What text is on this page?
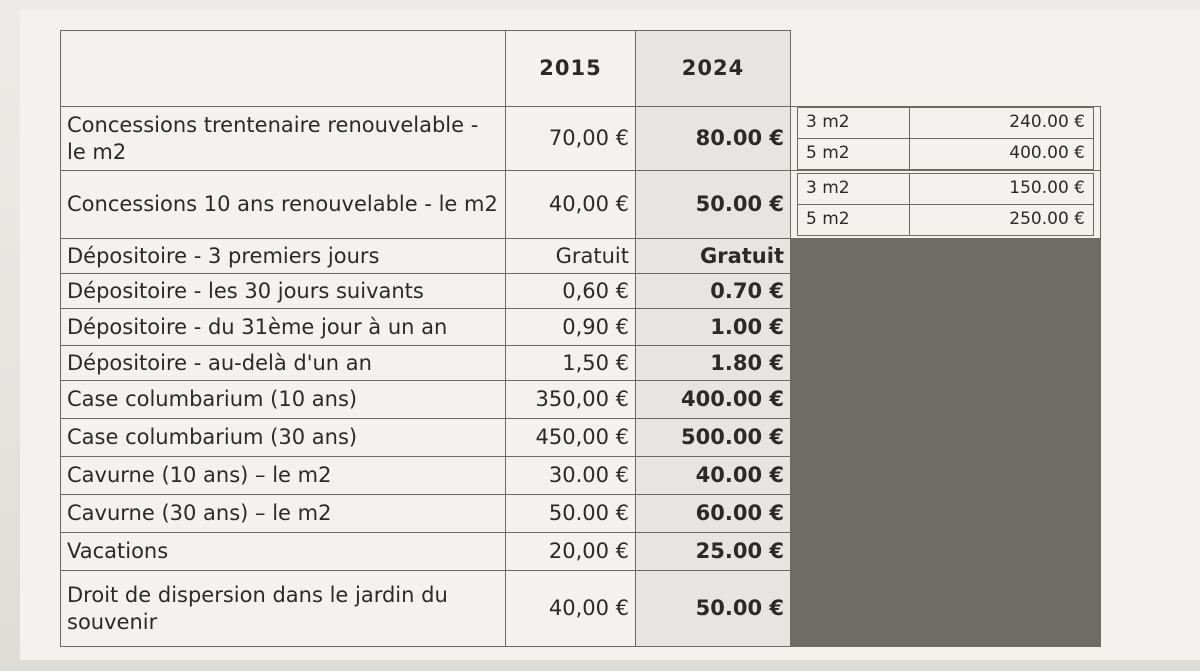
	2015	2024	
Concessions trentenaire renouvelable - le m2	70,00 €	80.00 €	
3 m2	240.00 €
5 m2	400.00 €

Concessions 10 ans renouvelable - le m2	40,00 €	50.00 €	
3 m2	150.00 €
5 m2	250.00 €

Dépositoire - 3 premiers jours	Gratuit	Gratuit	
Dépositoire - les 30 jours suivants	0,60 €	0.70 €	
Dépositoire - du 31ème jour à un an	0,90 €	1.00 €	
Dépositoire - au-delà d'un an	1,50 €	1.80 €	
Case columbarium (10 ans)	350,00 €	400.00 €	
Case columbarium (30 ans)	450,00 €	500.00 €	
Cavurne (10 ans) – le m2	30.00 €	40.00 €	
Cavurne (30 ans) – le m2	50.00 €	60.00 €	
Vacations	20,00 €	25.00 €	
Droit de dispersion dans le jardin du souvenir	40,00 €	50.00 €	
